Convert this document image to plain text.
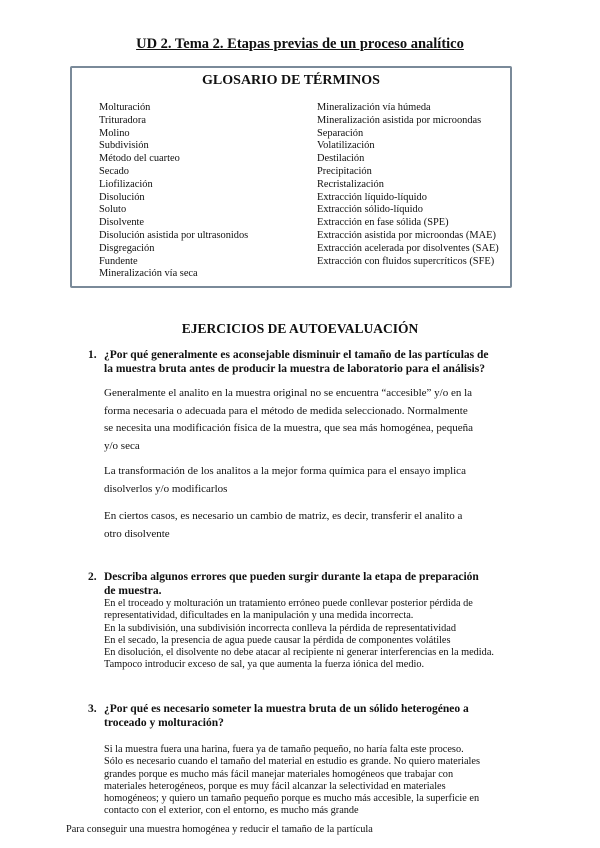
UD 2. Tema 2. Etapas previas de un proceso analítico
GLOSARIO DE TÉRMINOS
Molturación
Trituradora
Molino
Subdivisión
Método del cuarteo
Secado
Liofilización
Disolución
Soluto
Disolvente
Disolución asistida por ultrasonidos
Disgregación
Fundente
Mineralización vía seca
Mineralización vía húmeda
Mineralización asistida por microondas
Separación
Volatilización
Destilación
Precipitación
Recristalización
Extracción líquido-líquido
Extracción sólido-líquido
Extracción en fase sólida (SPE)
Extracción asistida por microondas (MAE)
Extracción acelerada por disolventes (SAE)
Extracción con fluidos supercríticos (SFE)
EJERCICIOS DE AUTOEVALUACIÓN
1. ¿Por qué generalmente es aconsejable disminuir el tamaño de las partículas de
la muestra bruta antes de producir la muestra de laboratorio para el análisis?
Generalmente el analito en la muestra original no se encuentra “accesible” y/o en la
forma necesaria o adecuada para el método de medida seleccionado. Normalmente
se necesita una modificación física de la muestra, que sea más homogénea, pequeña
y/o seca
La transformación de los analitos a la mejor forma química para el ensayo implica
disolverlos y/o modificarlos
En ciertos casos, es necesario un cambio de matriz, es decir, transferir el analito a
otro disolvente
2. Describa algunos errores que pueden surgir durante la etapa de preparación
de muestra.
En el troceado y molturación un tratamiento erróneo puede conllevar posterior pérdida de
representatividad, dificultades en la manipulación y una medida incorrecta.
En la subdivisión, una subdivisión incorrecta conlleva la pérdida de representatividad
En el secado, la presencia de agua puede causar la pérdida de componentes volátiles
En disolución, el disolvente no debe atacar al recipiente ni generar interferencias en la medida.
Tampoco introducir exceso de sal, ya que aumenta la fuerza iónica del medio.
3. ¿Por qué es necesario someter la muestra bruta de un sólido heterogéneo a
troceado y molturación?
Si la muestra fuera una harina, fuera ya de tamaño pequeño, no haría falta este proceso.
Sólo es necesario cuando el tamaño del material en estudio es grande. No quiero materiales
grandes porque es mucho más fácil manejar materiales homogéneos que trabajar con
materiales heterogéneos, porque es muy fácil alcanzar la selectividad en materiales
homogéneos; y quiero un tamaño pequeño porque es mucho más accesible, la superficie en
contacto con el exterior, con el entorno, es mucho más grande
Para conseguir una muestra homogénea y reducir el tamaño de la partícula
